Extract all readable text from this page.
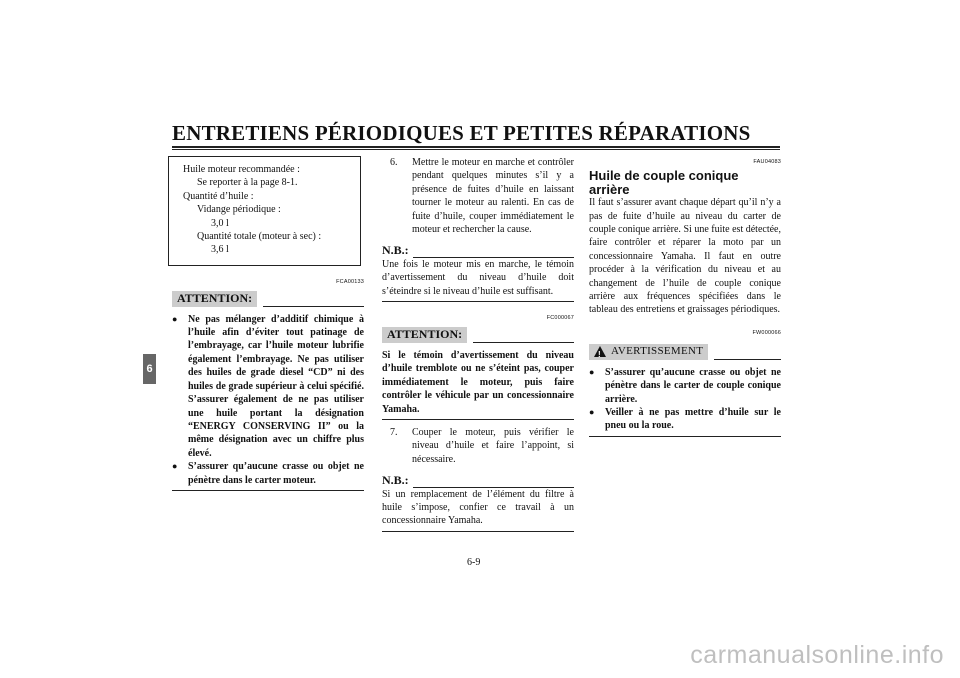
ENTRETIENS PÉRIODIQUES ET PETITES RÉPARATIONS
6
Huile moteur recommandée :
Se reporter à la page 8-1.
Quantité d’huile :
Vidange périodique :
3,0 l
Quantité totale (moteur à sec) :
3,6 l
FCA00133
ATTENTION:
●	Ne pas mélanger d’additif chimique à l’huile afin d’éviter tout patinage de l’embrayage, car l’huile moteur lubrifie également l’embrayage. Ne pas utiliser des huiles de grade diesel “CD” ni des huiles de grade supérieur à celui spécifié. S’assurer également de ne pas utiliser une huile portant la désignation “ENERGY CONSERVING II” ou la même désignation avec un chiffre plus élevé.
●	S’assurer qu’aucune crasse ou objet ne pénètre dans le carter moteur.
6.	Mettre le moteur en marche et contrôler pendant quelques minutes s’il y a présence de fuites d’huile en laissant tourner le moteur au ralenti. En cas de fuite d’huile, couper immédiatement le moteur et rechercher la cause.
N.B.:
Une fois le moteur mis en marche, le témoin d’avertissement du niveau d’huile doit s’éteindre si le niveau d’huile est suffisant.
FC000067
ATTENTION:
Si le témoin d’avertissement du niveau d’huile tremblote ou ne s’éteint pas, couper immédiatement le moteur, puis faire contrôler le véhicule par un concessionnaire Yamaha.
7.	Couper le moteur, puis vérifier le niveau d’huile et faire l’appoint, si nécessaire.
N.B.:
Si un remplacement de l’élément du filtre à huile s’impose, confier ce travail à un concessionnaire Yamaha.
FAU04083
Huile de couple conique arrière
Il faut s’assurer avant chaque départ qu’il n’y a pas de fuite d’huile au niveau du carter de couple conique arrière. Si une fuite est détectée, faire contrôler et réparer la moto par un concessionnaire Yamaha. Il faut en outre procéder à la vérification du niveau et au changement de l’huile de couple conique arrière aux fréquences spécifiées dans le tableau des entretiens et graissages périodiques.
FW000066
! AVERTISSEMENT
●	S’assurer qu’aucune crasse ou objet ne pénètre dans le carter de couple conique arrière.
●	Veiller à ne pas mettre d’huile sur le pneu ou la roue.
6-9
carmanualsonline.info
